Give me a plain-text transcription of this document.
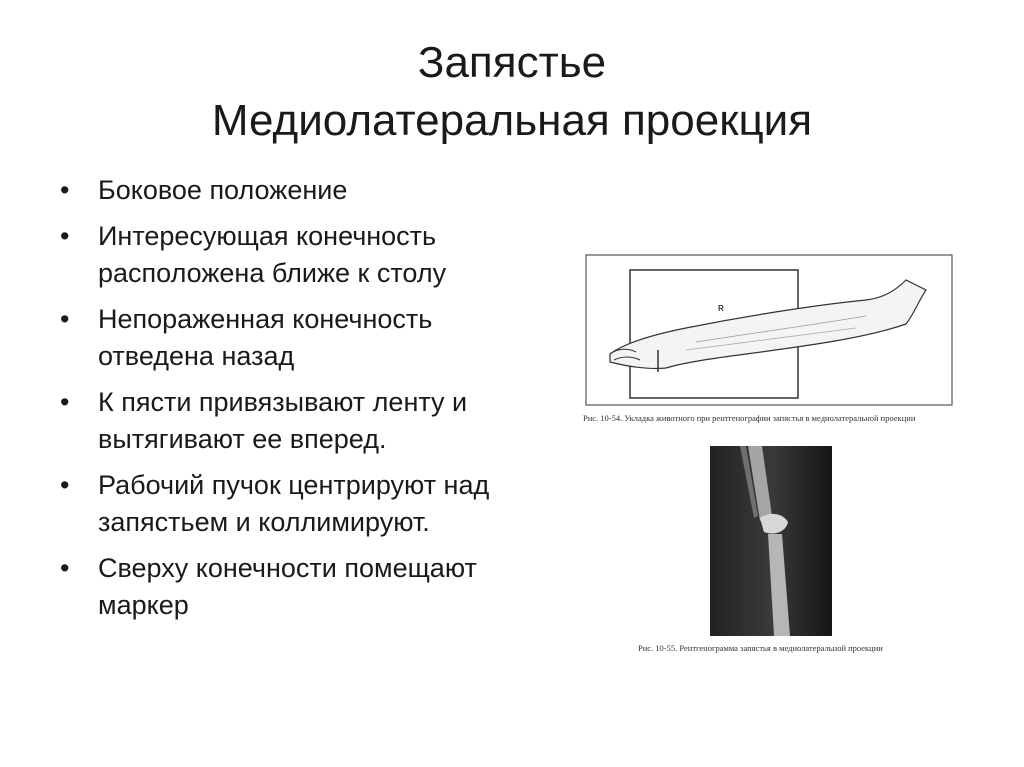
Запястье
Медиолатеральная проекция
• Боковое положение
• Интересующая конечность расположена ближе к столу
• Непораженная конечность отведена назад
• К пясти привязывают ленту и вытягивают ее вперед.
• Рабочий пучок центрируют над запястьем и коллимируют.
• Сверху конечности помещают маркер
R
Рис. 10-54. Укладка животного при рентгенографии запястья в медиолатеральной проекции
Рис. 10-55. Рентгенограмма запястья в медиолатеральной проекции
